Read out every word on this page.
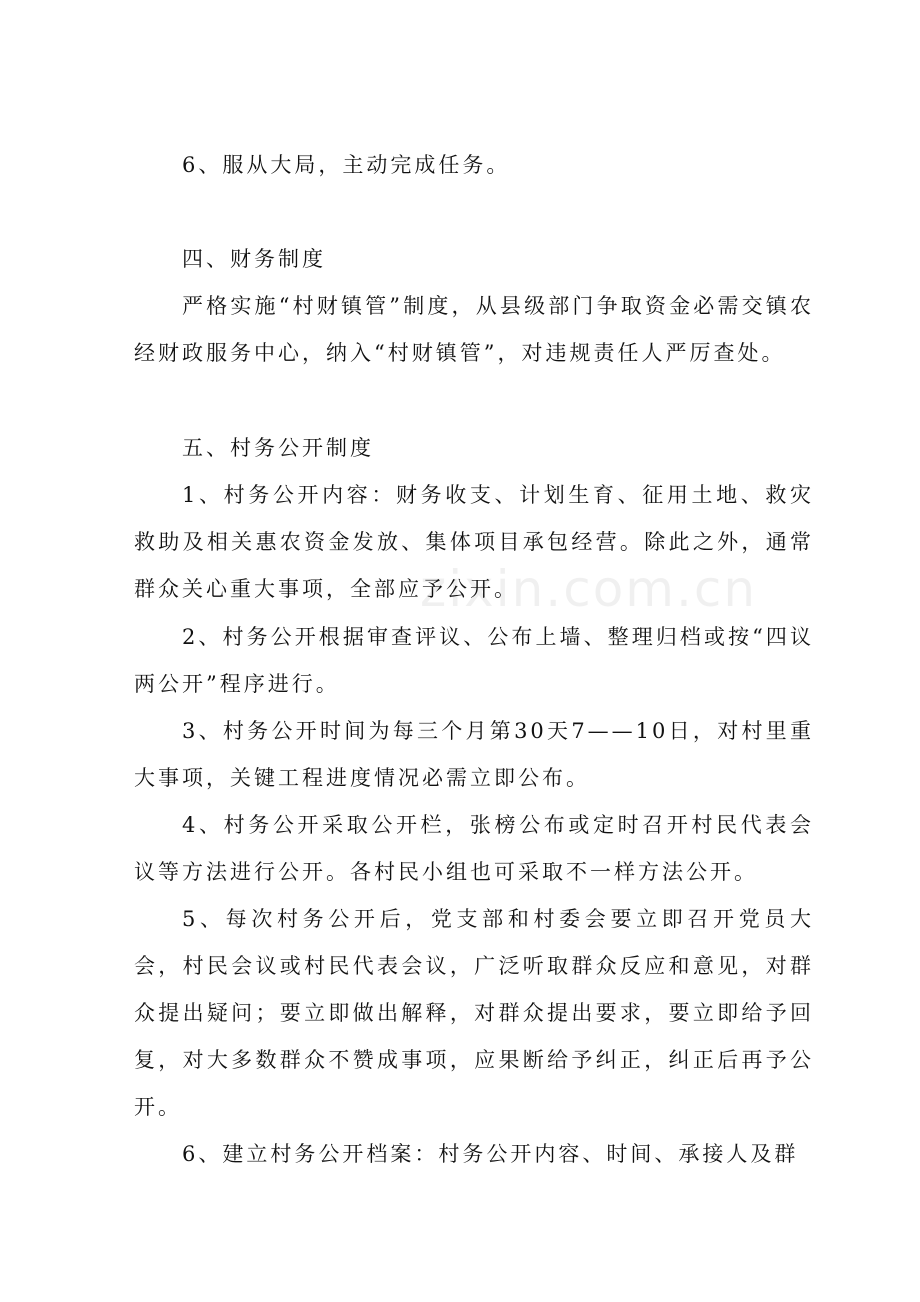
6、服从大局，主动完成任务。

四、财务制度

严格实施“村财镇管”制度，从县级部门争取资金必需交镇农经财政服务中心，纳入“村财镇管”，对违规责任人严厉查处。

五、村务公开制度

1、村务公开内容：财务收支、计划生育、征用土地、救灾救助及相关惠农资金发放、集体项目承包经营。除此之外，通常群众关心重大事项，全部应予公开。

2、村务公开根据审查评议、公布上墙、整理归档或按“四议两公开”程序进行。

3、村务公开时间为每三个月第30天7——10日，对村里重大事项，关键工程进度情况必需立即公布。

4、村务公开采取公开栏，张榜公布或定时召开村民代表会议等方法进行公开。各村民小组也可采取不一样方法公开。

5、每次村务公开后，党支部和村委会要立即召开党员大会，村民会议或村民代表会议，广泛听取群众反应和意见，对群众提出疑问；要立即做出解释，对群众提出要求，要立即给予回复，对大多数群众不赞成事项，应果断给予纠正，纠正后再予公开。

6、建立村务公开档案：村务公开内容、时间、承接人及群

zixin.com.cn
